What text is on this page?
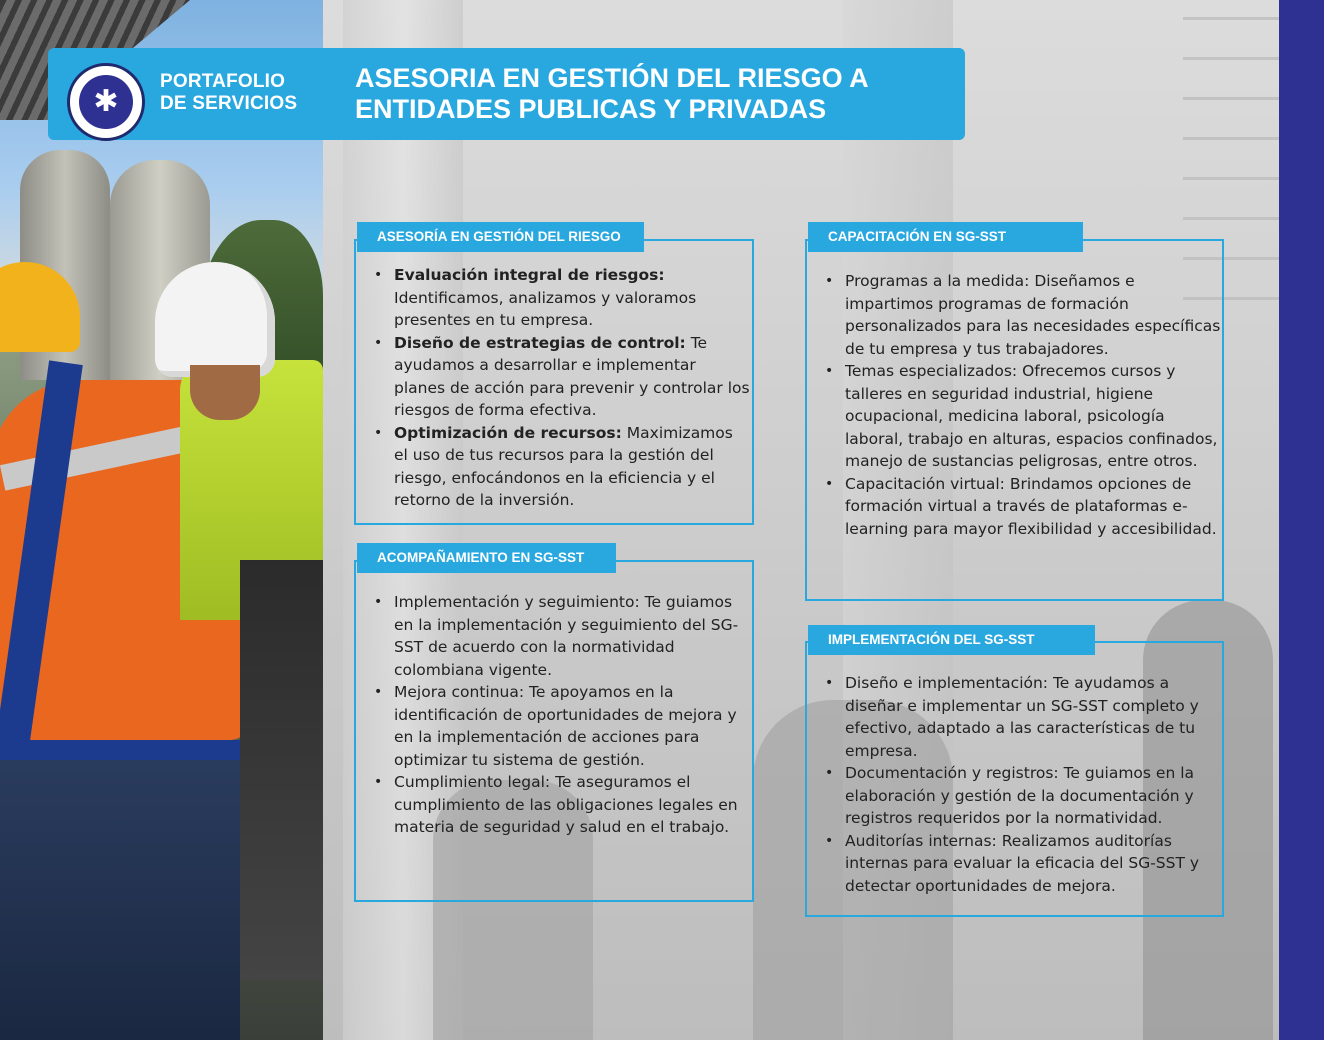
✱
PORTAFOLIO
DE SERVICIOS
ASESORIA EN GESTIÓN DEL RIESGO A ENTIDADES PUBLICAS Y PRIVADAS
ASESORÍA EN GESTIÓN DEL RIESGO
• Evaluación integral de riesgos: Identificamos, analizamos y valoramos presentes en tu empresa.
• Diseño de estrategias de control: Te ayudamos a desarrollar e implementar planes de acción para prevenir y controlar los riesgos de forma efectiva.
• Optimización de recursos: Maximizamos el uso de tus recursos para la gestión del riesgo, enfocándonos en la eficiencia y el retorno de la inversión.
ACOMPAÑAMIENTO EN SG-SST
• Implementación y seguimiento: Te guiamos en la implementación y seguimiento del SG-SST de acuerdo con la normatividad colombiana vigente.
• Mejora continua: Te apoyamos en la identificación de oportunidades de mejora y en la implementación de acciones para optimizar tu sistema de gestión.
• Cumplimiento legal: Te aseguramos el cumplimiento de las obligaciones legales en materia de seguridad y salud en el trabajo.
CAPACITACIÓN EN SG-SST
• Programas a la medida: Diseñamos e impartimos programas de formación personalizados para las necesidades específicas de tu empresa y tus trabajadores.
• Temas especializados: Ofrecemos cursos y talleres en seguridad industrial, higiene ocupacional, medicina laboral, psicología laboral, trabajo en alturas, espacios confinados, manejo de sustancias peligrosas, entre otros.
• Capacitación virtual: Brindamos opciones de formación virtual a través de plataformas e-learning para mayor flexibilidad y accesibilidad.
IMPLEMENTACIÓN DEL SG-SST
• Diseño e implementación: Te ayudamos a diseñar e implementar un SG-SST completo y efectivo, adaptado a las características de tu empresa.
• Documentación y registros: Te guiamos en la elaboración y gestión de la documentación y registros requeridos por la normatividad.
• Auditorías internas: Realizamos auditorías internas para evaluar la eficacia del SG-SST y detectar oportunidades de mejora.
